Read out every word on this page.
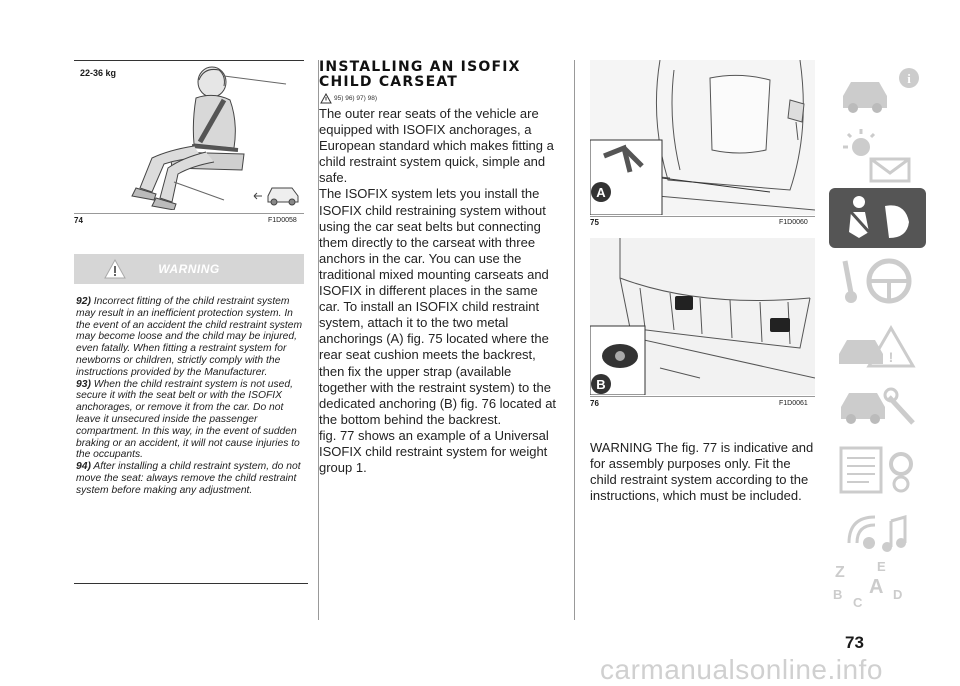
22-36 kg
74	F1D0058
WARNING

92) Incorrect fitting of the child restraint system may result in an inefficient protection system. In the event of an accident the child restraint system may become loose and the child may be injured, even fatally. When fitting a restraint system for newborns or children, strictly comply with the instructions provided by the Manufacturer.

93) When the child restraint system is not used, secure it with the seat belt or with the ISOFIX anchorages, or remove it from the car. Do not leave it unsecured inside the passenger compartment. In this way, in the event of sudden braking or an accident, it will not cause injuries to the occupants.

94) After installing a child restraint system, do not move the seat: always remove the child restraint system before making any adjustment.

INSTALLING AN ISOFIX
CHILD CARSEAT
95) 96) 97) 98)

The outer rear seats of the vehicle are equipped with ISOFIX anchorages, a European standard which makes fitting a child restraint system quick, simple and safe.

The ISOFIX system lets you install the ISOFIX child restraining system without using the car seat belts but connecting them directly to the carseat with three anchors in the car. You can use the traditional mixed mounting carseats and ISOFIX in different places in the same car. To install an ISOFIX child restraint system, attach it to the two metal anchorings (A) fig. 75 located where the rear seat cushion meets the backrest, then fix the upper strap (available together with the restraint system) to the dedicated anchoring (B) fig. 76 located at the bottom behind the backrest.

fig. 77 shows an example of a Universal ISOFIX child restraint system for weight group 1.

A
75	F1D0060
B
76	F1D0061
WARNING The fig. 77 is indicative and for assembly purposes only. Fit the child restraint system according to the instructions, which must be included.
i
!
Z E
B A D
C
73
carmanualsonline.info
